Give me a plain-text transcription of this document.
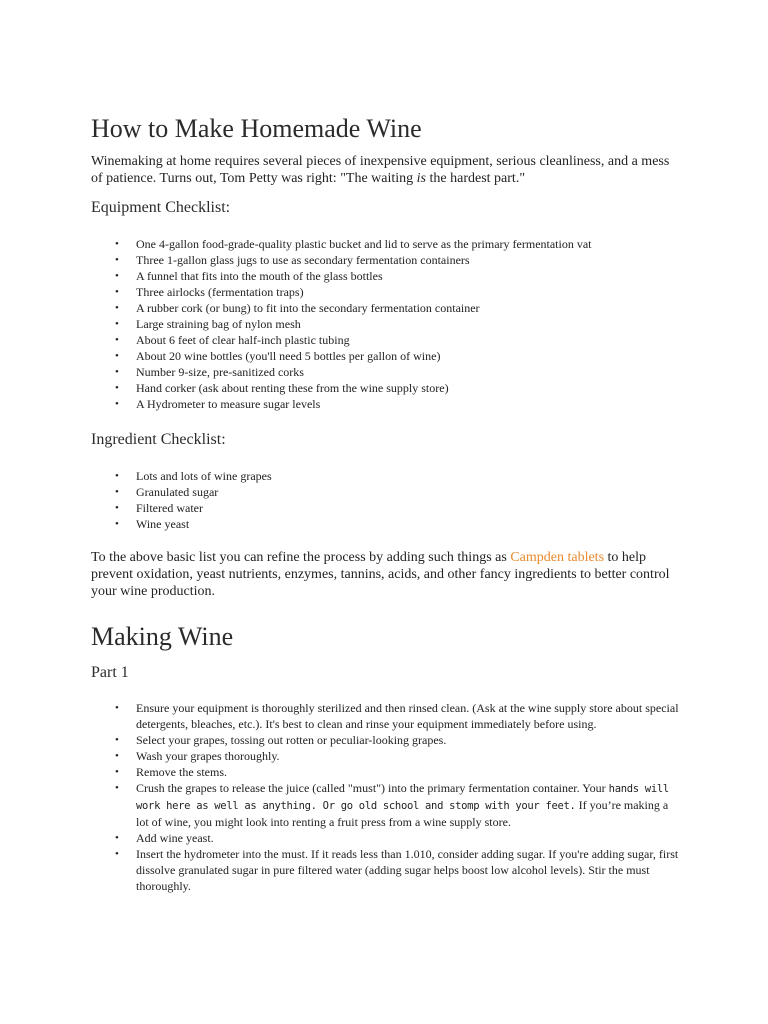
How to Make Homemade Wine

Winemaking at home requires several pieces of inexpensive equipment, serious cleanliness, and a mess of patience. Turns out, Tom Petty was right: "The waiting is the hardest part."

Equipment Checklist:
• One 4-gallon food-grade-quality plastic bucket and lid to serve as the primary fermentation vat
• Three 1-gallon glass jugs to use as secondary fermentation containers
• A funnel that fits into the mouth of the glass bottles
• Three airlocks (fermentation traps)
• A rubber cork (or bung) to fit into the secondary fermentation container
• Large straining bag of nylon mesh
• About 6 feet of clear half-inch plastic tubing
• About 20 wine bottles (you'll need 5 bottles per gallon of wine)
• Number 9-size, pre-sanitized corks
• Hand corker (ask about renting these from the wine supply store)
• A Hydrometer to measure sugar levels
Ingredient Checklist:
• Lots and lots of wine grapes
• Granulated sugar
• Filtered water
• Wine yeast

To the above basic list you can refine the process by adding such things as Campden tablets to help prevent oxidation, yeast nutrients, enzymes, tannins, acids, and other fancy ingredients to better control your wine production.

Making Wine
Part 1
• Ensure your equipment is thoroughly sterilized and then rinsed clean. (Ask at the wine supply store about special detergents, bleaches, etc.). It's best to clean and rinse your equipment immediately before using.
• Select your grapes, tossing out rotten or peculiar-looking grapes.
• Wash your grapes thoroughly.
• Remove the stems.
• Crush the grapes to release the juice (called "must") into the primary fermentation container. Your hands will work here as well as anything. Or go old school and stomp with your feet. If you’re making a lot of wine, you might look into renting a fruit press from a wine supply store.
• Add wine yeast.
• Insert the hydrometer into the must. If it reads less than 1.010, consider adding sugar. If you're adding sugar, first dissolve granulated sugar in pure filtered water (adding sugar helps boost low alcohol levels). Stir the must thoroughly.
